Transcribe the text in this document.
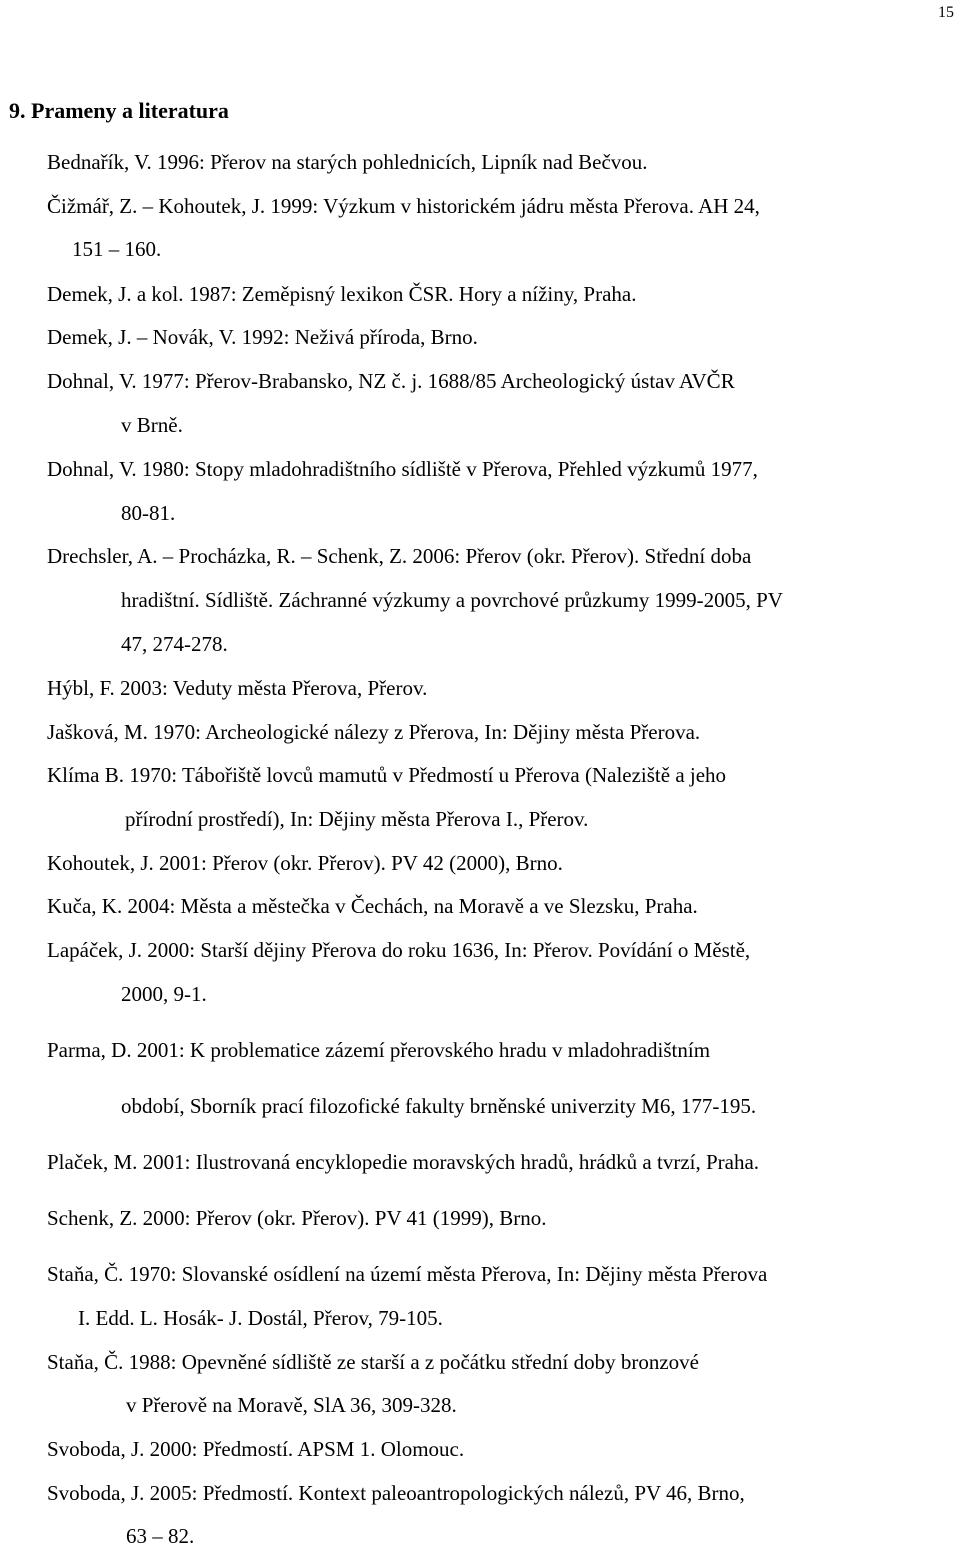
15
9. Prameny a literatura
Bednařík, V. 1996: Přerov na starých pohlednicích, Lipník nad Bečvou.
Čižmář, Z. – Kohoutek, J. 1999: Výzkum v historickém jádru města Přerova. AH 24,
151 – 160.
Demek, J. a kol. 1987: Zeměpisný lexikon ČSR. Hory a nížiny, Praha.
Demek, J. – Novák, V. 1992: Neživá příroda, Brno.
Dohnal, V. 1977: Přerov-Brabansko, NZ č. j. 1688/85 Archeologický ústav AVČR
v Brně.
Dohnal, V. 1980: Stopy mladohradištního sídliště v Přerova, Přehled výzkumů 1977,
80-81.
Drechsler, A. – Procházka, R. – Schenk, Z. 2006: Přerov (okr. Přerov). Střední doba
hradištní. Sídliště. Záchranné výzkumy a povrchové průzkumy 1999-2005, PV
47, 274-278.
Hýbl, F. 2003: Veduty města Přerova, Přerov.
Jašková, M. 1970: Archeologické nálezy z Přerova, In: Dějiny města Přerova.
Klíma B. 1970: Tábořiště lovců mamutů v Předmostí u Přerova (Naleziště a jeho
přírodní prostředí), In: Dějiny města Přerova I., Přerov.
Kohoutek, J. 2001: Přerov (okr. Přerov). PV 42 (2000), Brno.
Kuča, K. 2004: Města a městečka v Čechách, na Moravě a ve Slezsku, Praha.
Lapáček, J. 2000: Starší dějiny Přerova do roku 1636, In: Přerov. Povídání o Městě,
2000, 9-1.
Parma, D. 2001: K problematice zázemí přerovského hradu v mladohradištním
období, Sborník prací filozofické fakulty brněnské univerzity M6, 177-195.
Plaček, M. 2001: Ilustrovaná encyklopedie moravských hradů, hrádků a tvrzí, Praha.
Schenk, Z. 2000: Přerov (okr. Přerov). PV 41 (1999), Brno.
Staňa, Č. 1970: Slovanské osídlení na území města Přerova, In: Dějiny města Přerova
I. Edd. L. Hosák- J. Dostál, Přerov, 79-105.
Staňa, Č. 1988: Opevněné sídliště ze starší a z počátku střední doby bronzové
v Přerově na Moravě, SlA 36, 309-328.
Svoboda, J. 2000: Předmostí. APSM 1. Olomouc.
Svoboda, J. 2005: Předmostí. Kontext paleoantropologických nálezů, PV 46, Brno,
63 – 82.
